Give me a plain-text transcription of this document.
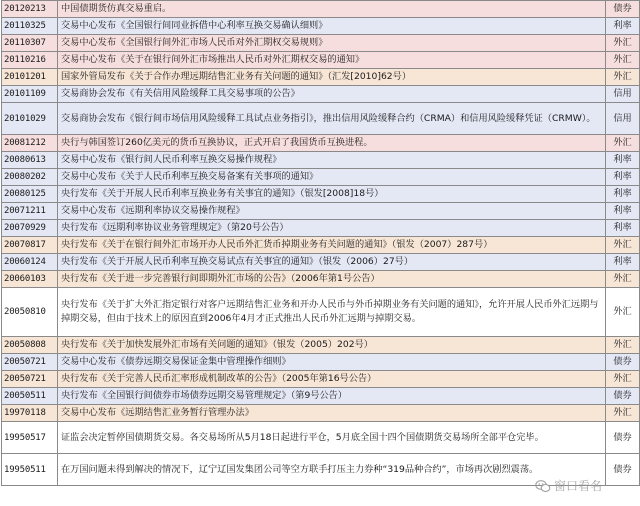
20120213	中国债期货仿真交易重启。	债券
20110325	交易中心发布《全国银行间同业拆借中心利率互换交易确认细则》	利率
20110307	交易中心发布《全国银行间外汇市场人民币对外汇期权交易规则》	外汇
20110216	交易中心发布《关于在银行间外汇市场推出人民币对外汇期权交易的通知》	外汇
20101201	国家外管局发布《关于合作办理远期结售汇业务有关问题的通知》（汇发[2010]62号）	外汇
20101109	交易商协会发布《有关信用风险缓释工具交易事项的公告》	信用
20101029	交易商协会发布《银行间市场信用风险缓释工具试点业务指引》，推出信用风险缓释合约（CRMA）和信用风险缓释凭证（CRMW）。	信用
20081212	央行与韩国签订260亿美元的货币互换协议，正式开启了我国货币互换进程。	外汇
20080613	交易中心发布《银行间人民币利率互换交易操作规程》	利率
20080202	交易中心发布《关于人民币利率互换交易备案有关事项的通知》	利率
20080125	央行发布《关于开展人民币利率互换业务有关事宜的通知》（银发[2008]18号）	利率
20071211	交易中心发布《远期利率协议交易操作规程》	利率
20070929	央行发布《远期利率协议业务管理规定》（第20号公告）	利率
20070817	央行发布《关于在银行间外汇市场开办人民币外汇货币掉期业务有关问题的通知》（银发（2007）287号）	外汇
20060124	央行发布《关于开展人民币利率互换交易试点有关事宜的通知》（银发（2006）27号）	利率
20060103	央行发布《关于进一步完善银行间即期外汇市场的公告》（2006年第1号公告）	外汇
20050810	央行发布《关于扩大外汇指定银行对客户远期结售汇业务和开办人民币与外币掉期业务有关问题的通知》，允许开展人民币外汇远期与掉期交易，但由于技术上的原因直到2006年4月才正式推出人民币外汇远期与掉期交易。	外汇
20050808	央行发布《关于加快发展外汇市场有关问题的通知》（银发（2005）202号）	外汇
20050721	交易中心发布《债券远期交易保证金集中管理操作细则》	债券
20050721	央行发布《关于完善人民币汇率形成机制改革的公告》（2005年第16号公告）	外汇
20050511	央行发布《全国银行间债券市场债券远期交易管理规定》（第9号公告）	债券
19970118	交易中心发布《远期结售汇业务暂行管理办法》	外汇
19950517	证监会决定暂停国债期货交易。各交易场所从5月18日起进行平仓，5月底全国十四个国债期货交易场所全部平仓完毕。	债券
19950511	在万国问题未得到解决的情况下，辽宁辽国发集团公司等空方联手打压主力券种“319品种合约”，市场再次剧烈震荡。	债券
窗口看名
